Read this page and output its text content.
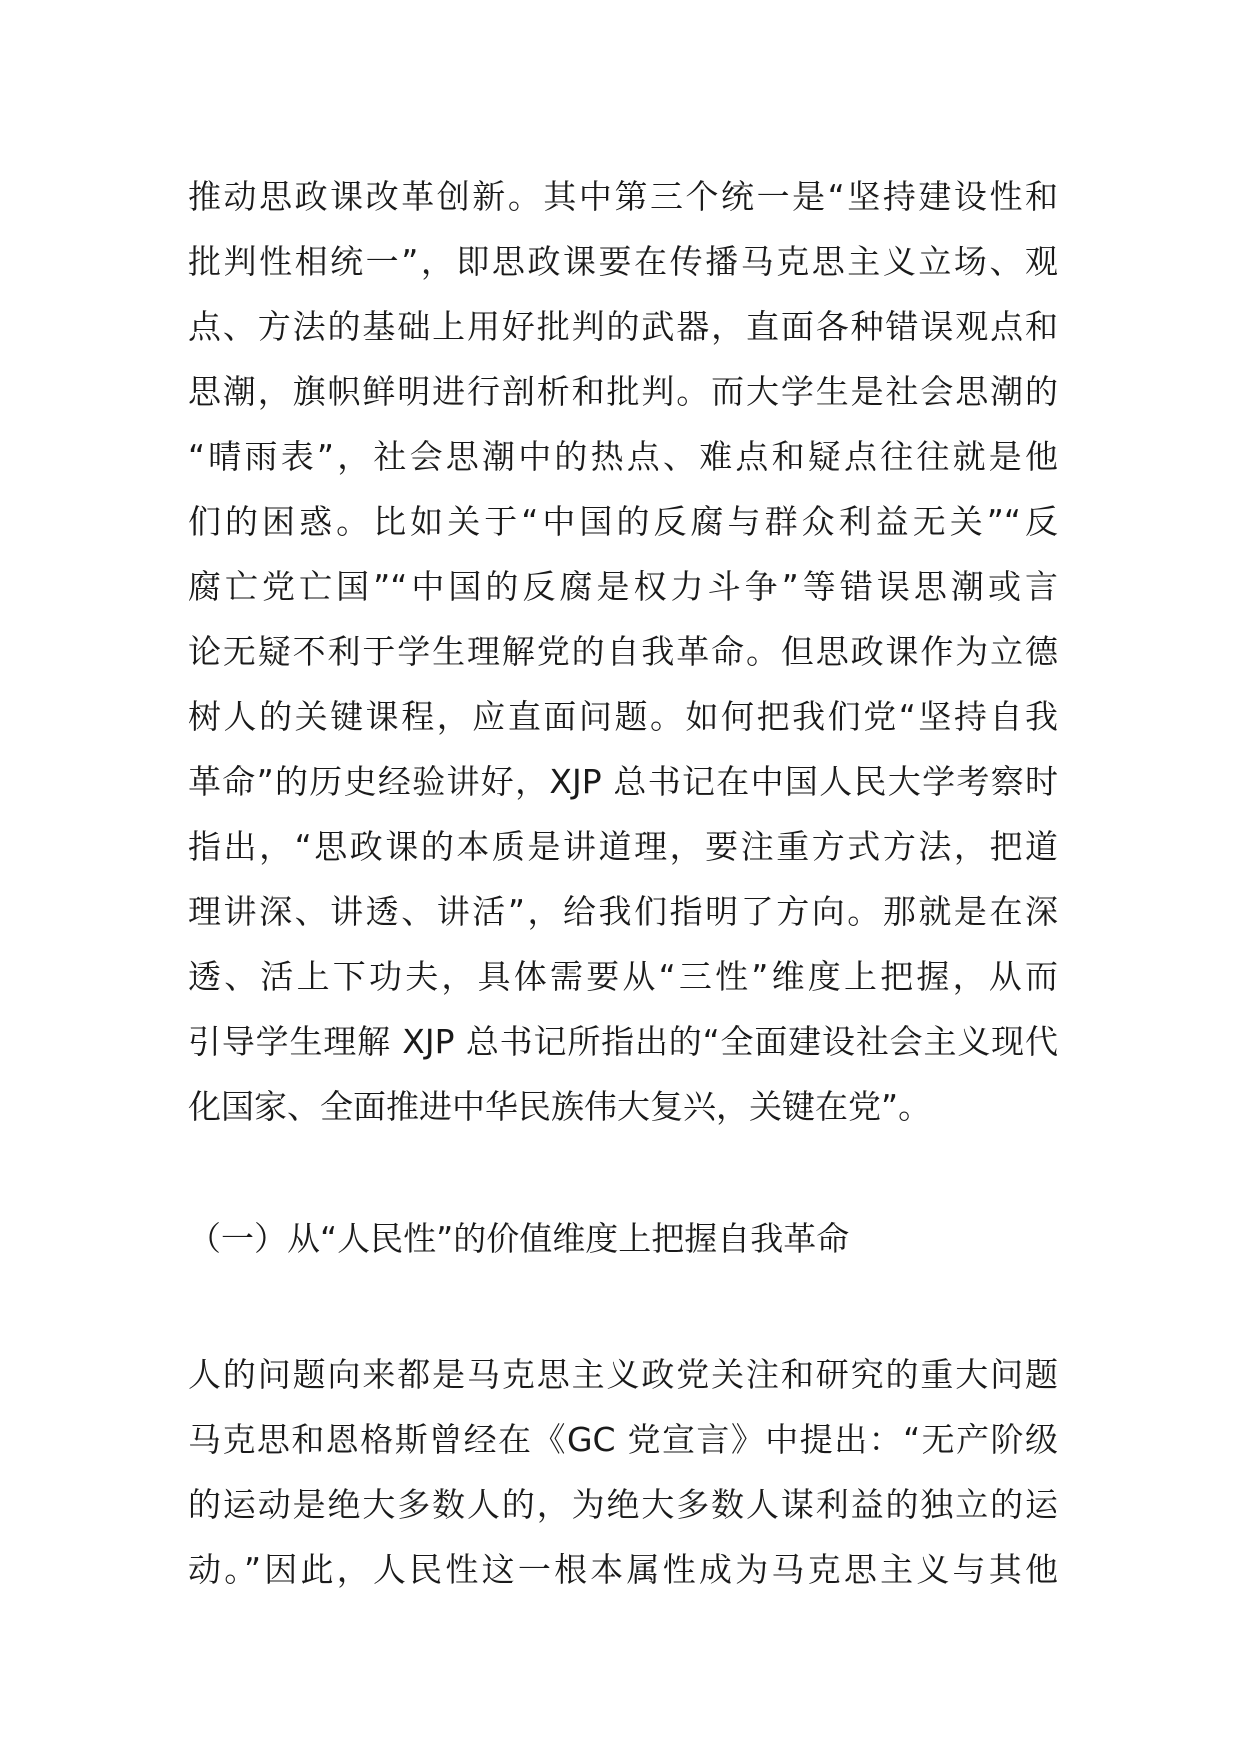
推动思政课改革创新。其中第三个统一是“坚持建设性和
批判性相统一”，即思政课要在传播马克思主义立场、观
点、方法的基础上用好批判的武器，直面各种错误观点和
思潮，旗帜鲜明进行剖析和批判。而大学生是社会思潮的
“晴雨表”，社会思潮中的热点、难点和疑点往往就是他
们的困惑。比如关于“中国的反腐与群众利益无关”“反
腐亡党亡国”“中国的反腐是权力斗争”等错误思潮或言
论无疑不利于学生理解党的自我革命。但思政课作为立德
树人的关键课程，应直面问题。如何把我们党“坚持自我
革命”的历史经验讲好，XJP 总书记在中国人民大学考察时
指出，“思政课的本质是讲道理，要注重方式方法，把道
理讲深、讲透、讲活”，给我们指明了方向。那就是在深
透、活上下功夫，具体需要从“三性”维度上把握，从而
引导学生理解 XJP 总书记所指出的“全面建设社会主义现代
化国家、全面推进中华民族伟大复兴，关键在党”。
（一）从“人民性”的价值维度上把握自我革命
人的问题向来都是马克思主义政党关注和研究的重大问题
马克思和恩格斯曾经在《GC 党宣言》中提出：“无产阶级
的运动是绝大多数人的，为绝大多数人谋利益的独立的运
动。”因此，人民性这一根本属性成为马克思主义与其他
